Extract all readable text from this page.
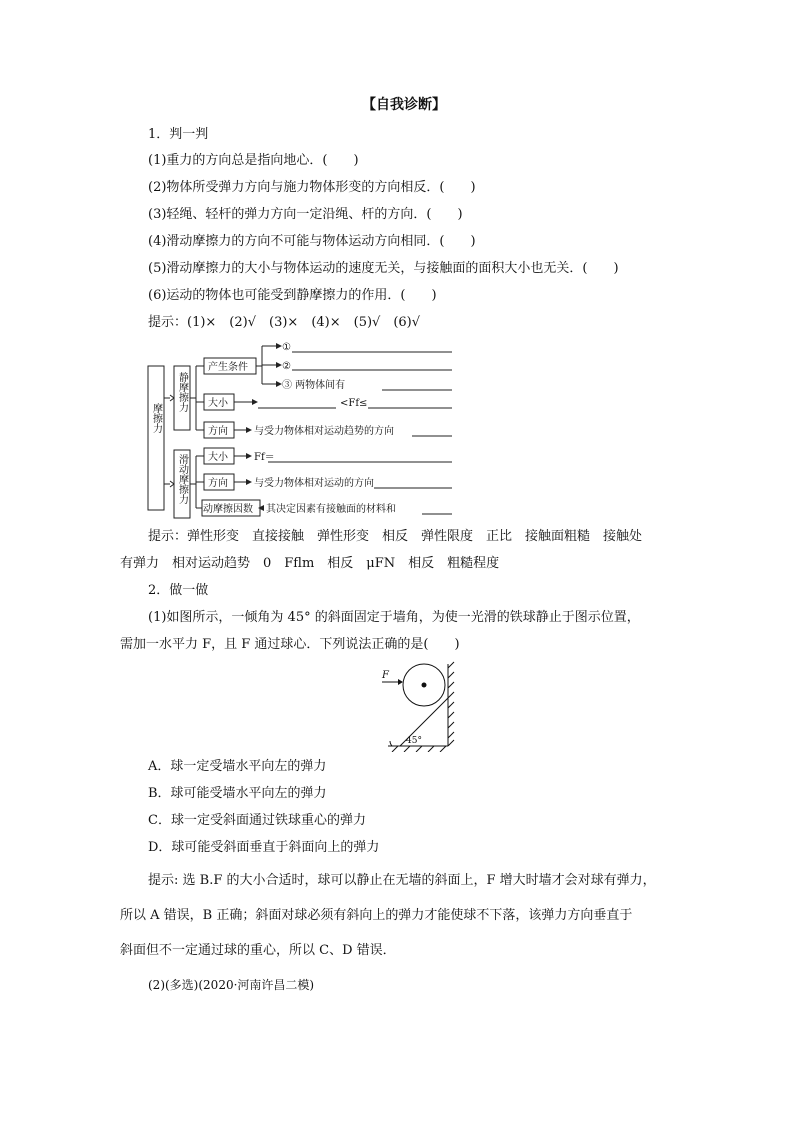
【自我诊断】
1．判一判
(1)重力的方向总是指向地心．(　　)
(2)物体所受弹力方向与施力物体形变的方向相反．(　　)
(3)轻绳、轻杆的弹力方向一定沿绳、杆的方向．(　　)
(4)滑动摩擦力的方向不可能与物体运动方向相同．(　　)
(5)滑动摩擦力的大小与物体运动的速度无关，与接触面的面积大小也无关．(　　)
(6)运动的物体也可能受到静摩擦力的作用．(　　)
提示：(1)×　(2)√　(3)×　(4)×　(5)√　(6)√
摩擦力
静摩擦力
滑动摩擦力
产生条件
①
②
③ 两物体间有
大小	<Ff≤
方向	与受力物体相对运动趋势的方向
大小	Ff＝
方向	与受力物体相对运动的方向
动摩擦因数 其决定因素有接触面的材料和
提示：弹性形变　直接接触　弹性形变　相反　弹性限度　正比　接触面粗糙　接触处
有弹力　相对运动趋势　0　Fflm　相反　μFN　相反　粗糙程度
2．做一做
(1)如图所示，一倾角为 45° 的斜面固定于墙角，为使一光滑的铁球静止于图示位置，
需加一水平力 F，且 F 通过球心．下列说法正确的是(　　)
F
45°
A．球一定受墙水平向左的弹力
B．球可能受墙水平向左的弹力
C．球一定受斜面通过铁球重心的弹力
D．球可能受斜面垂直于斜面向上的弹力
提示: 选 B.F 的大小合适时，球可以静止在无墙的斜面上，F 增大时墙才会对球有弹力，
所以 A 错误，B 正确；斜面对球必须有斜向上的弹力才能使球不下落，该弹力方向垂直于
斜面但不一定通过球的重心，所以 C、D 错误．
(2)(多选)(2020·河南许昌二模)
